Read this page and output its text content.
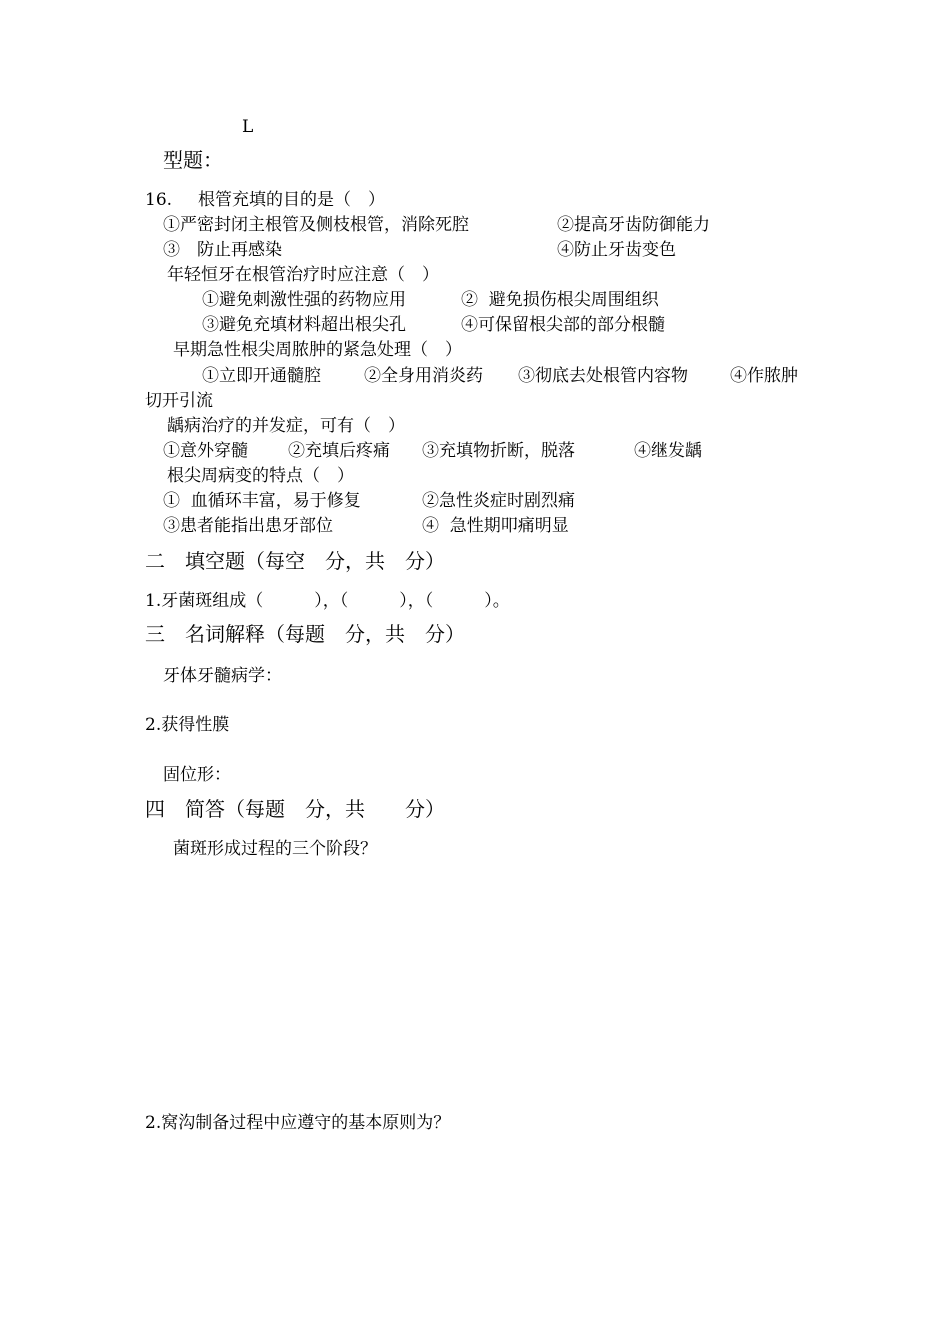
L
型题：
16. 根管充填的目的是（　）
①严密封闭主根管及侧枝根管，消除死腔	②提高牙齿防御能力
③　防止再感染	④防止牙齿变色
年轻恒牙在根管治疗时应注意（　）
①避免刺激性强的药物应用	②  避免损伤根尖周围组织
③避免充填材料超出根尖孔	④可保留根尖部的部分根髓
早期急性根尖周脓肿的紧急处理（　）
①立即开通髓腔	②全身用消炎药 ③彻底去处根管内容物 ④作脓肿
切开引流
龋病治疗的并发症，可有（　）
①意外穿髓 ②充填后疼痛 ③充填物折断，脱落	④继发龋
根尖周病变的特点（　）
①  血循环丰富，易于修复	②急性炎症时剧烈痛
③患者能指出患牙部位	④  急性期叩痛明显
二　填空题（每空　分，共　分）
1.牙菌斑组成（　　　），（　　　），（　　　）。
三　名词解释（每题　分，共　分）
牙体牙髓病学：
2.获得性膜
固位形：
四　简答（每题　分，共　　分）
菌斑形成过程的三个阶段？
2.窝沟制备过程中应遵守的基本原则为？
